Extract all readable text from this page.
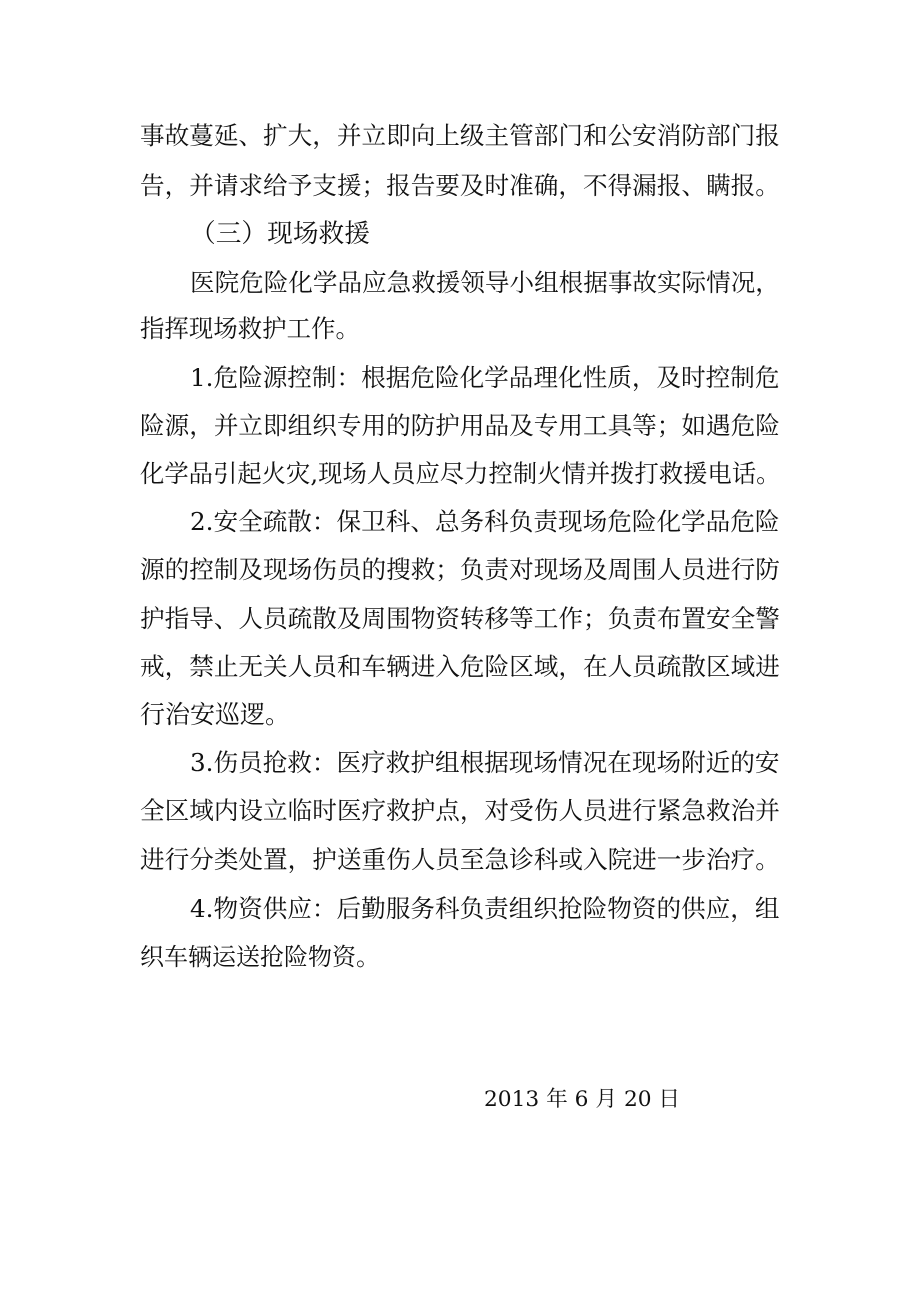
事故蔓延、扩大，并立即向上级主管部门和公安消防部门报
告，并请求给予支援；报告要及时准确，不得漏报、瞒报。
（三）现场救援
医院危险化学品应急救援领导小组根据事故实际情况，
指挥现场救护工作。
1.危险源控制：根据危险化学品理化性质，及时控制危
险源，并立即组织专用的防护用品及专用工具等；如遇危险
化学品引起火灾,现场人员应尽力控制火情并拨打救援电话。
2.安全疏散：保卫科、总务科负责现场危险化学品危险
源的控制及现场伤员的搜救；负责对现场及周围人员进行防
护指导、人员疏散及周围物资转移等工作；负责布置安全警
戒，禁止无关人员和车辆进入危险区域，在人员疏散区域进
行治安巡逻。
3.伤员抢救：医疗救护组根据现场情况在现场附近的安
全区域内设立临时医疗救护点，对受伤人员进行紧急救治并
进行分类处置，护送重伤人员至急诊科或入院进一步治疗。
4.物资供应：后勤服务科负责组织抢险物资的供应，组
织车辆运送抢险物资。
2013 年 6 月 20 日
